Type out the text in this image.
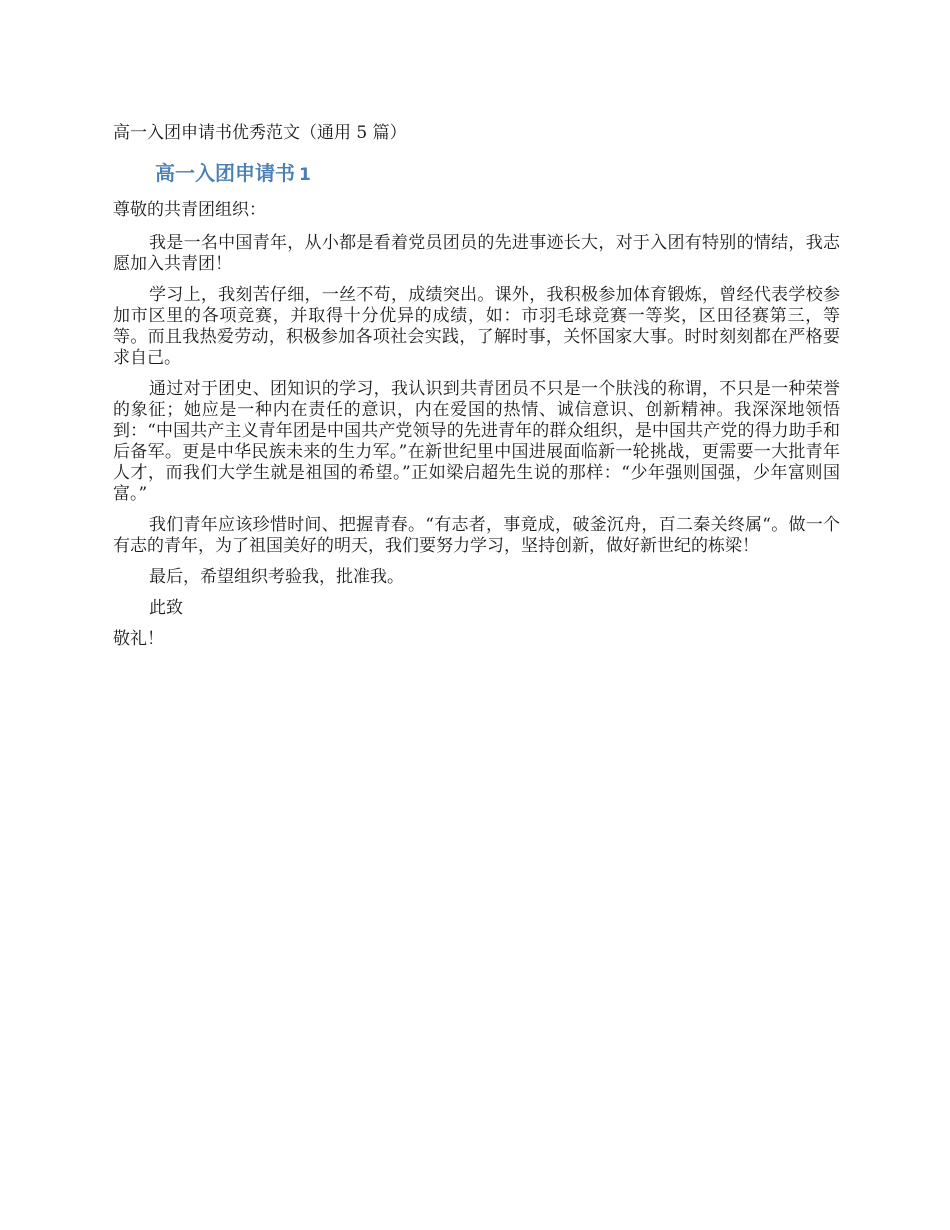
高一入团申请书优秀范文（通用 5 篇）
高一入团申请书 1

尊敬的共青团组织：

我是一名中国青年，从小都是看着党员团员的先进事迹长大，对于入团有特别的情结，我志愿加入共青团！

学习上，我刻苦仔细，一丝不苟，成绩突出。课外，我积极参加体育锻炼，曾经代表学校参加市区里的各项竞赛，并取得十分优异的成绩，如：市羽毛球竞赛一等奖，区田径赛第三，等等。而且我热爱劳动，积极参加各项社会实践，了解时事，关怀国家大事。时时刻刻都在严格要求自己。

通过对于团史、团知识的学习，我认识到共青团员不只是一个肤浅的称谓，不只是一种荣誉的象征；她应是一种内在责任的意识，内在爱国的热情、诚信意识、创新精神。我深深地领悟到：“中国共产主义青年团是中国共产党领导的先进青年的群众组织，是中国共产党的得力助手和后备军。更是中华民族未来的生力军。”在新世纪里中国进展面临新一轮挑战，更需要一大批青年人才，而我们大学生就是祖国的希望。”正如梁启超先生说的那样：“少年强则国强，少年富则国富。”

我们青年应该珍惜时间、把握青春。“有志者，事竟成，破釜沉舟，百二秦关终属“。做一个有志的青年，为了祖国美好的明天，我们要努力学习，坚持创新，做好新世纪的栋梁！

最后，希望组织考验我，批准我。

此致

敬礼！
